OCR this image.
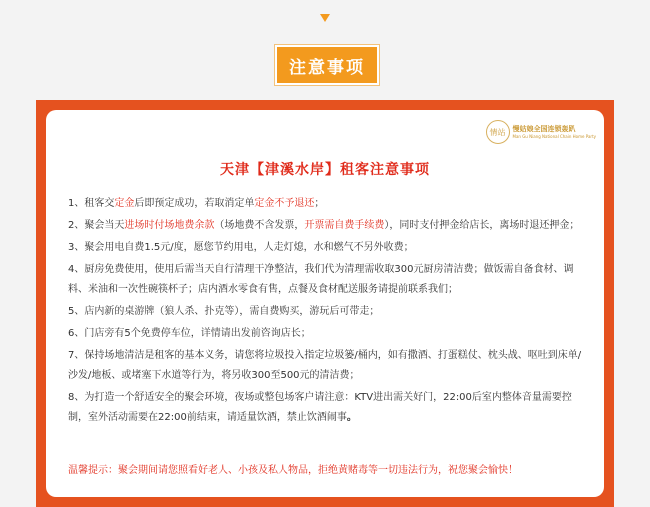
注意事项
情站 慢姑娘全国连锁轰趴
Man Gu Niang National Chain Home Party
天津【津溪水岸】租客注意事项
1、租客交定金后即预定成功，若取消定单定金不予退还；
2、聚会当天进场时付场地费余款（场地费不含发票，开票需自费手续费），同时支付押金给店长，离场时退还押金；
3、聚会用电自费1.5元/度，愿您节约用电，人走灯熄，水和燃气不另外收费；
4、厨房免费使用，使用后需当天自行清理干净整洁，我们代为清理需收取300元厨房清洁费；做饭需自备食材、调料、米油和一次性碗筷杯子；店内酒水零食有售，点餐及食材配送服务请提前联系我们；
5、店内新的桌游牌（狼人杀、扑克等），需自费购买，游玩后可带走；
6、门店旁有5个免费停车位，详情请出发前咨询店长；
7、保持场地清洁是租客的基本义务，请您将垃圾投入指定垃圾篓/桶内，如有撒酒、打蛋糕仗、枕头战、呕吐到床单/沙发/地板、或堵塞下水道等行为，将另收300至500元的清洁费；
8、为打造一个舒适安全的聚会环境，夜场或整包场客户请注意：KTV进出需关好门，22:00后室内整体音量需要控制，室外活动需要在22:00前结束，请适量饮酒，禁止饮酒闹事。
温馨提示：聚会期间请您照看好老人、小孩及私人物品，拒绝黄赌毒等一切违法行为，祝您聚会愉快！
